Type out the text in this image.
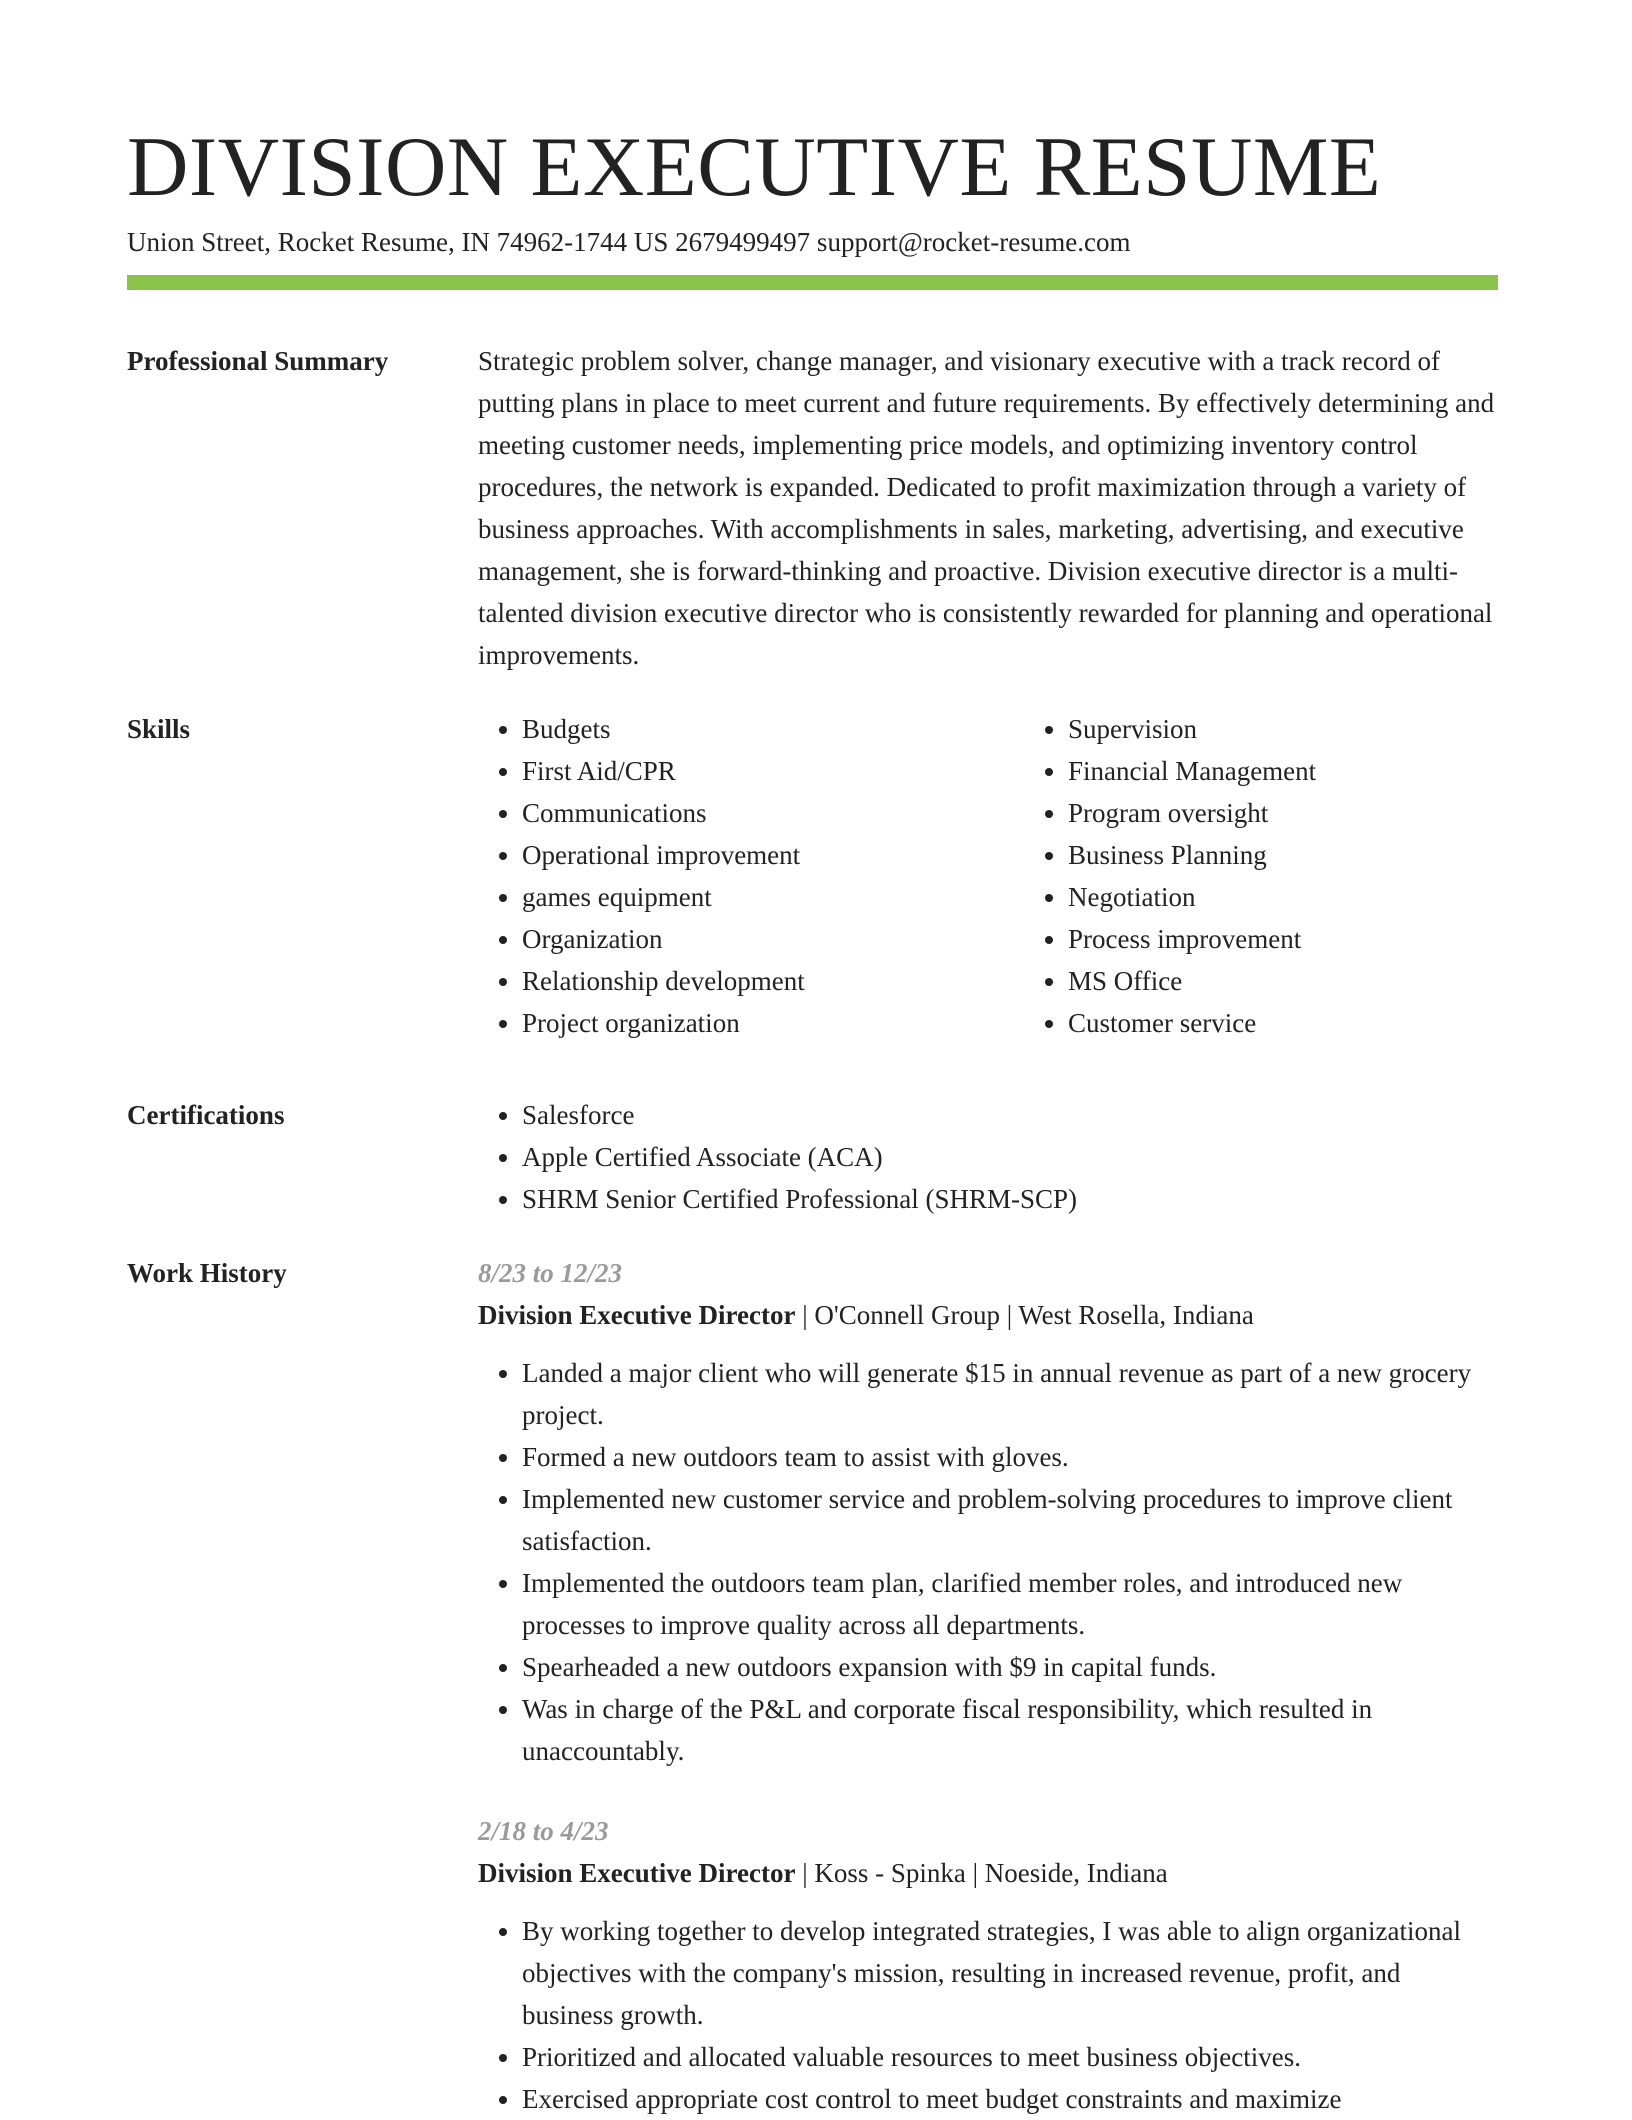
DIVISION EXECUTIVE RESUME
Union Street, Rocket Resume, IN 74962-1744 US 2679499497 support@rocket-resume.com
Professional Summary	Strategic problem solver, change manager, and visionary executive with a track record of putting plans in place to meet current and future requirements. By effectively determining and meeting customer needs, implementing price models, and optimizing inventory control procedures, the network is expanded. Dedicated to profit maximization through a variety of business approaches. With accomplishments in sales, marketing, advertising, and executive management, she is forward-thinking and proactive. Division executive director is a multi-talented division executive director who is consistently rewarded for planning and operational improvements.

Skills	• Budgets
• First Aid/CPR
• Communications
• Operational improvement
• games equipment
• Organization
• Relationship development
• Project organization
• Supervision
• Financial Management
• Program oversight
• Business Planning
• Negotiation
• Process improvement
• MS Office
• Customer service
Certifications	• Salesforce
• Apple Certified Associate (ACA)
• SHRM Senior Certified Professional (SHRM-SCP)
Work History	8/23 to 12/23
Division Executive Director | O'Connell Group | West Rosella, Indiana
• Landed a major client who will generate $15 in annual revenue as part of a new grocery project.
• Formed a new outdoors team to assist with gloves.
• Implemented new customer service and problem-solving procedures to improve client satisfaction.
• Implemented the outdoors team plan, clarified member roles, and introduced new processes to improve quality across all departments.
• Spearheaded a new outdoors expansion with $9 in capital funds.
• Was in charge of the P&L and corporate fiscal responsibility, which resulted in unaccountably.
2/18 to 4/23
Division Executive Director | Koss - Spinka | Noeside, Indiana
• By working together to develop integrated strategies, I was able to align organizational objectives with the company's mission, resulting in increased revenue, profit, and business growth.
• Prioritized and allocated valuable resources to meet business objectives.
• Exercised appropriate cost control to meet budget constraints and maximize
